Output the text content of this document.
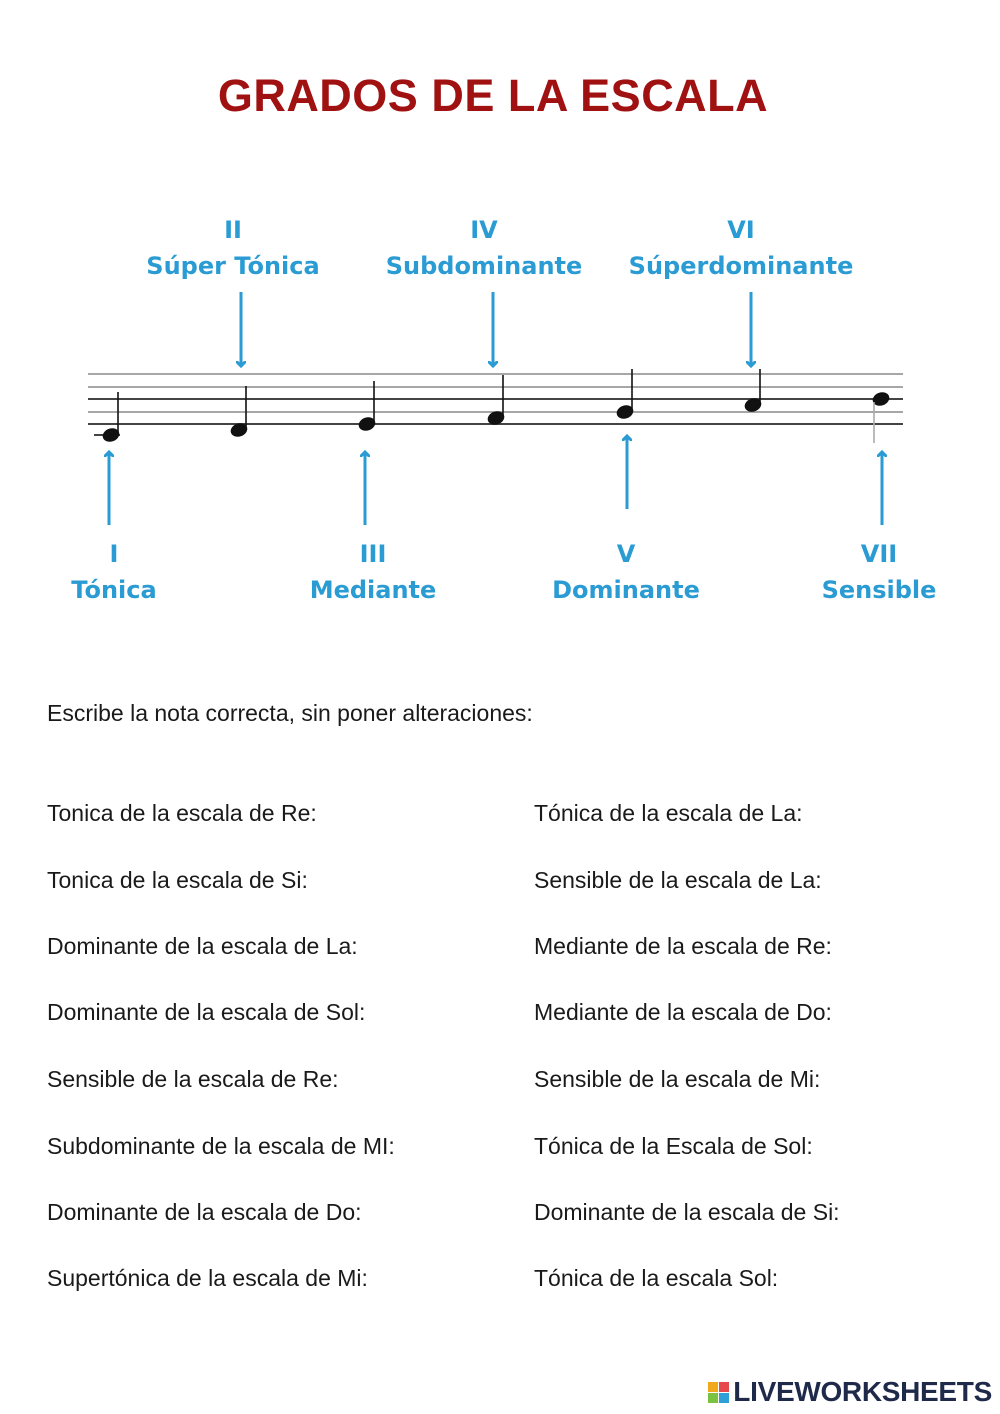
GRADOS DE LA ESCALA
II
Súper Tónica
IV
Subdominante
VI
Súperdominante
I
Tónica
III
Mediante
V
Dominante
VII
Sensible

Escribe la nota correcta, sin poner alteraciones:

Tonica de la escala de Re:
Tonica de la escala de Si:
Dominante de la escala de La:
Dominante de la escala de Sol:
Sensible de la escala de Re:
Subdominante de la escala de MI:
Dominante de la escala de Do:
Supertónica de la escala de Mi:
Tónica de la escala de La:
Sensible de la escala de La:
Mediante de la escala de Re:
Mediante de la escala de Do:
Sensible de la escala de Mi:
Tónica de la Escala de Sol:
Dominante de la escala de Si:
Tónica de la escala Sol:
LIVEWORKSHEETS
